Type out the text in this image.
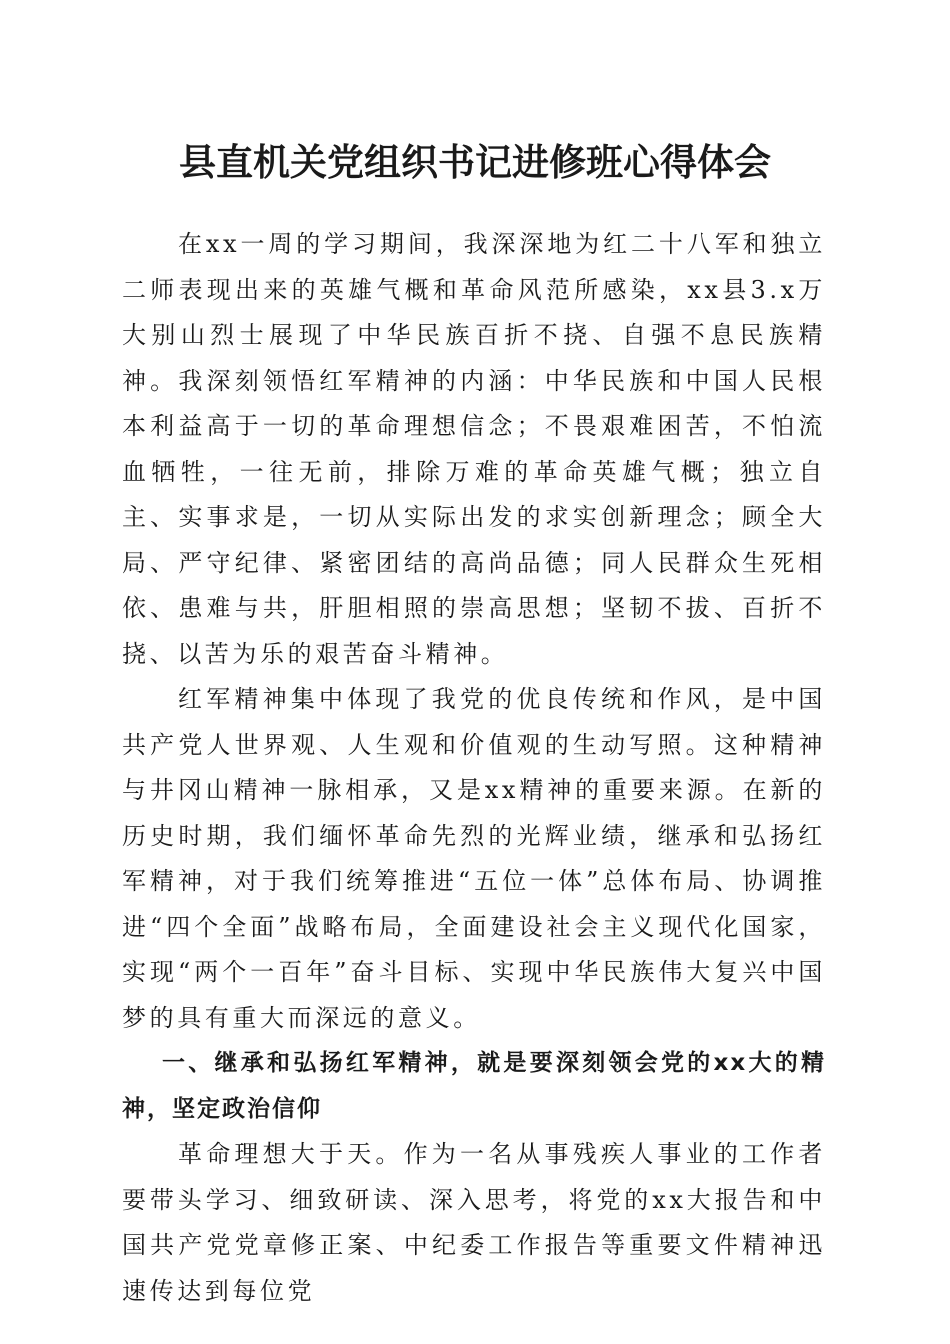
县直机关党组织书记进修班心得体会

在xx一周的学习期间，我深深地为红二十八军和独立二师表现出来的英雄气概和革命风范所感染，xx县3.x万大别山烈士展现了中华民族百折不挠、自强不息民族精神。我深刻领悟红军精神的内涵：中华民族和中国人民根本利益高于一切的革命理想信念；不畏艰难困苦，不怕流血牺牲，一往无前，排除万难的革命英雄气概；独立自主、实事求是，一切从实际出发的求实创新理念；顾全大局、严守纪律、紧密团结的高尚品德；同人民群众生死相依、患难与共，肝胆相照的崇高思想；坚韧不拔、百折不挠、以苦为乐的艰苦奋斗精神。

红军精神集中体现了我党的优良传统和作风，是中国共产党人世界观、人生观和价值观的生动写照。这种精神与井冈山精神一脉相承，又是xx精神的重要来源。在新的历史时期，我们缅怀革命先烈的光辉业绩，继承和弘扬红军精神，对于我们统筹推进“五位一体”总体布局、协调推进“四个全面”战略布局，全面建设社会主义现代化国家，实现“两个一百年”奋斗目标、实现中华民族伟大复兴中国梦的具有重大而深远的意义。

一、继承和弘扬红军精神，就是要深刻领会党的xx大的精神，坚定政治信仰

革命理想大于天。作为一名从事残疾人事业的工作者要带头学习、细致研读、深入思考，将党的xx大报告和中国共产党党章修正案、中纪委工作报告等重要文件精神迅速传达到每位党
